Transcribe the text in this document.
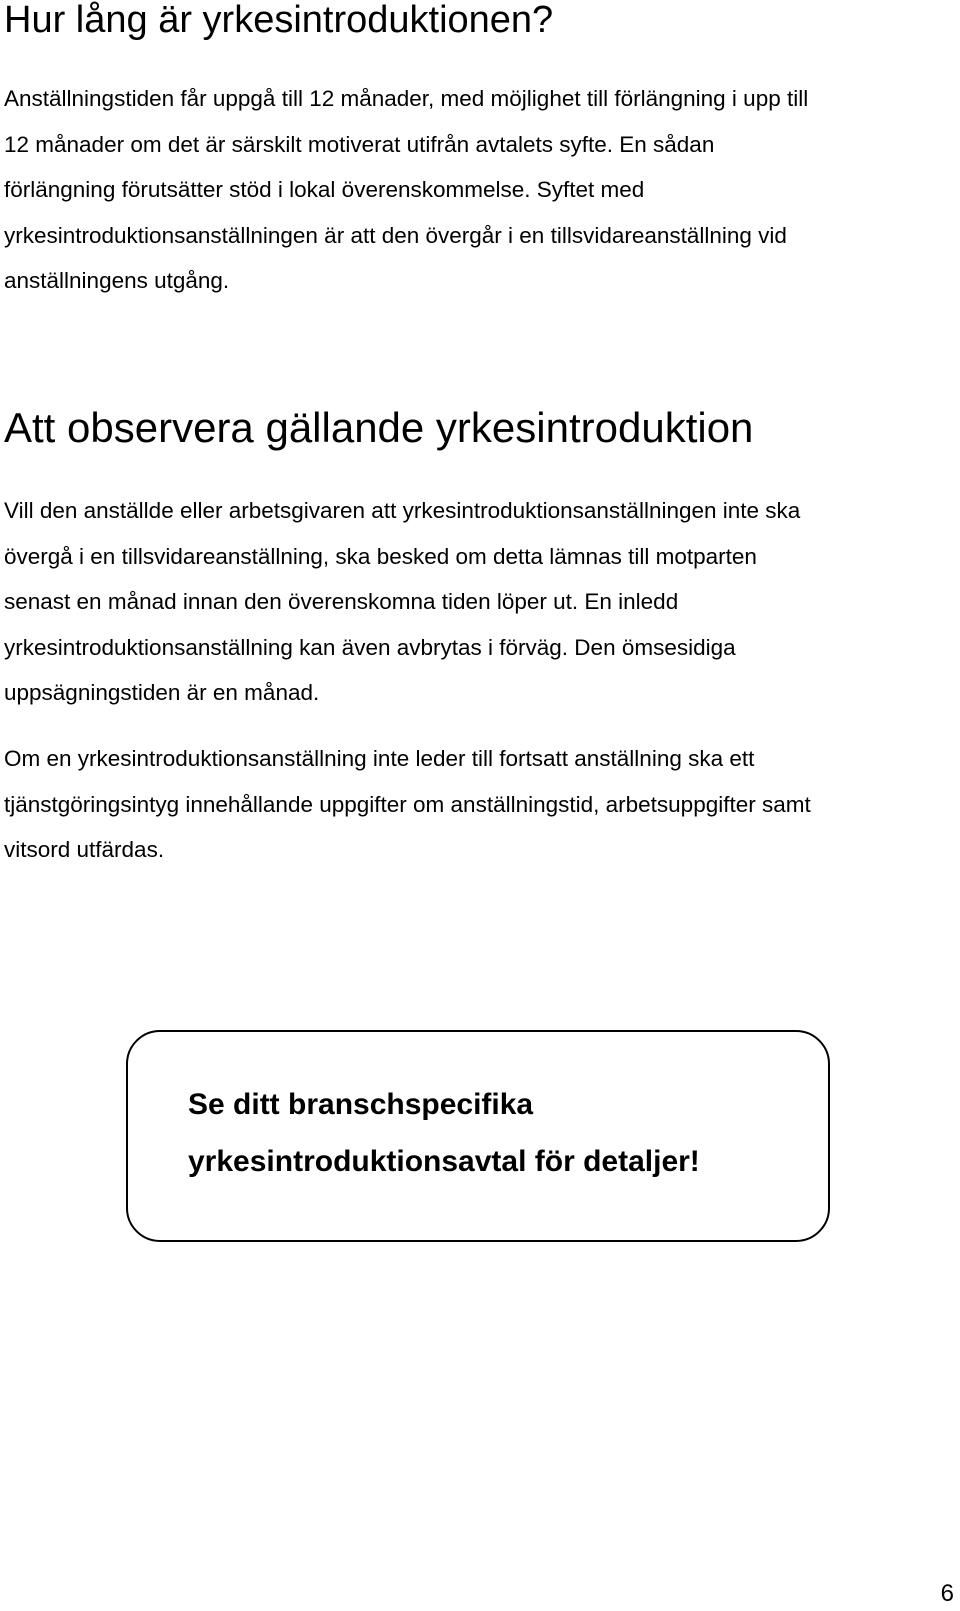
Hur lång är yrkesintroduktionen?

Anställningstiden får uppgå till 12 månader, med möjlighet till förlängning i upp till
12 månader om det är särskilt motiverat utifrån avtalets syfte. En sådan
förlängning förutsätter stöd i lokal överenskommelse. Syftet med
yrkesintroduktionsanställningen är att den övergår i en tillsvidareanställning vid
anställningens utgång.

Att observera gällande yrkesintroduktion

Vill den anställde eller arbetsgivaren att yrkesintroduktionsanställningen inte ska
övergå i en tillsvidareanställning, ska besked om detta lämnas till motparten
senast en månad innan den överenskomna tiden löper ut. En inledd
yrkesintroduktionsanställning kan även avbrytas i förväg. Den ömsesidiga
uppsägningstiden är en månad.

Om en yrkesintroduktionsanställning inte leder till fortsatt anställning ska ett
tjänstgöringsintyg innehållande uppgifter om anställningstid, arbetsuppgifter samt
vitsord utfärdas.

Se ditt branschspecifika
yrkesintroduktionsavtal för detaljer!

6
